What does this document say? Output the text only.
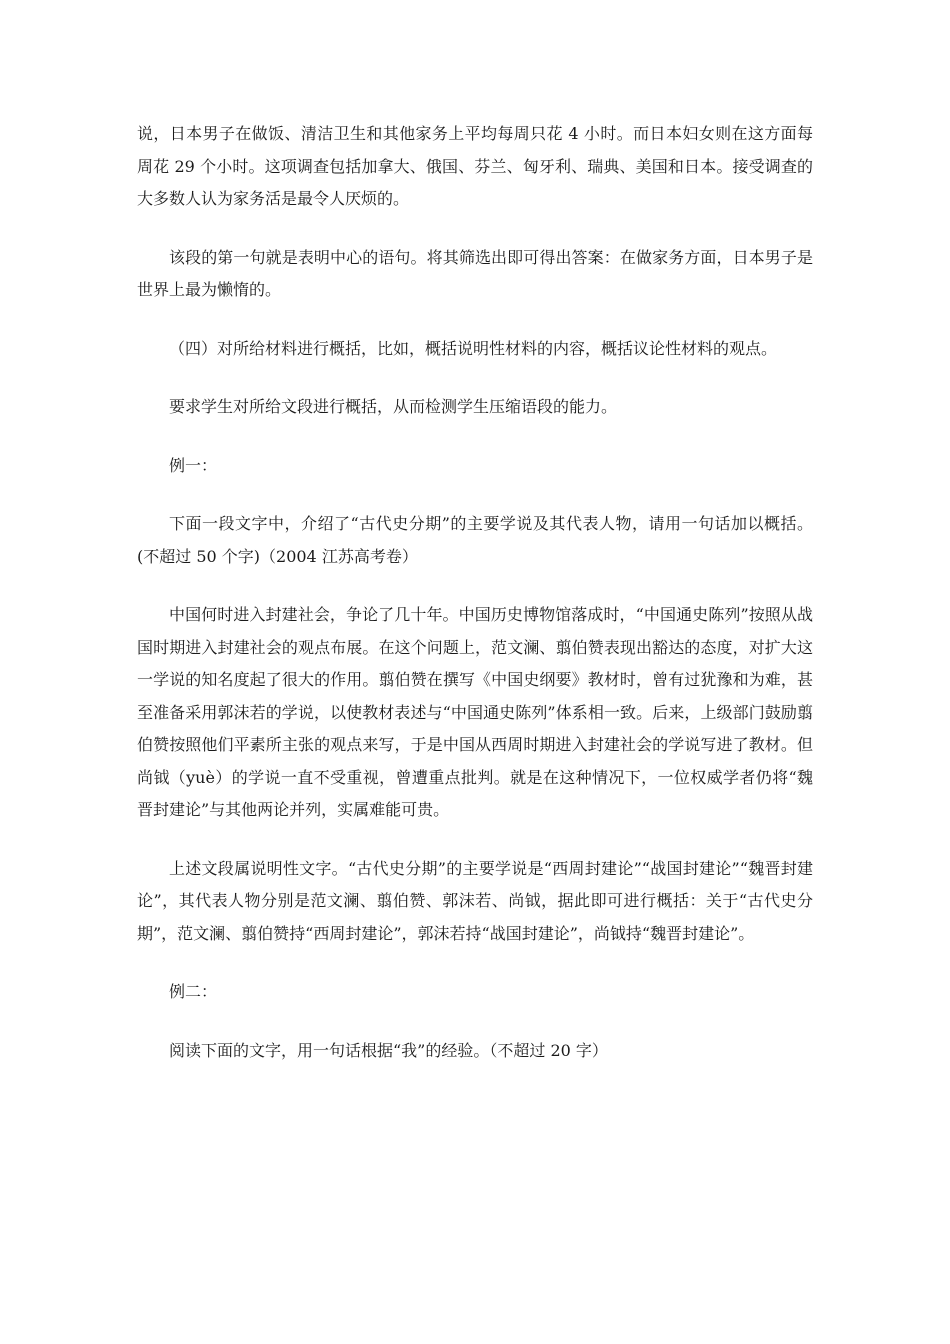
说，日本男子在做饭、清洁卫生和其他家务上平均每周只花 4 小时。而日本妇女则在这方面每周花 29 个小时。这项调查包括加拿大、俄国、芬兰、匈牙利、瑞典、美国和日本。接受调查的大多数人认为家务活是最令人厌烦的。

该段的第一句就是表明中心的语句。将其筛选出即可得出答案：在做家务方面，日本男子是世界上最为懒惰的。

（四）对所给材料进行概括，比如，概括说明性材料的内容，概括议论性材料的观点。

要求学生对所给文段进行概括，从而检测学生压缩语段的能力。

例一：

下面一段文字中，介绍了“古代史分期”的主要学说及其代表人物，请用一句话加以概括。(不超过 50 个字)（2004 江苏高考卷）

中国何时进入封建社会，争论了几十年。中国历史博物馆落成时，“中国通史陈列”按照从战国时期进入封建社会的观点布展。在这个问题上，范文澜、翦伯赞表现出豁达的态度，对扩大这一学说的知名度起了很大的作用。翦伯赞在撰写《中国史纲要》教材时，曾有过犹豫和为难，甚至准备采用郭沫若的学说，以使教材表述与“中国通史陈列”体系相一致。后来，上级部门鼓励翦伯赞按照他们平素所主张的观点来写，于是中国从西周时期进入封建社会的学说写进了教材。但尚钺（yuè）的学说一直不受重视，曾遭重点批判。就是在这种情况下，一位权威学者仍将“魏晋封建论”与其他两论并列，实属难能可贵。

上述文段属说明性文字。“古代史分期”的主要学说是“西周封建论”“战国封建论”“魏晋封建论”，其代表人物分别是范文澜、翦伯赞、郭沫若、尚钺，据此即可进行概括：关于“古代史分期”，范文澜、翦伯赞持“西周封建论”，郭沫若持“战国封建论”，尚钺持“魏晋封建论”。

例二：

阅读下面的文字，用一句话根据“我”的经验。（不超过 20 字）
